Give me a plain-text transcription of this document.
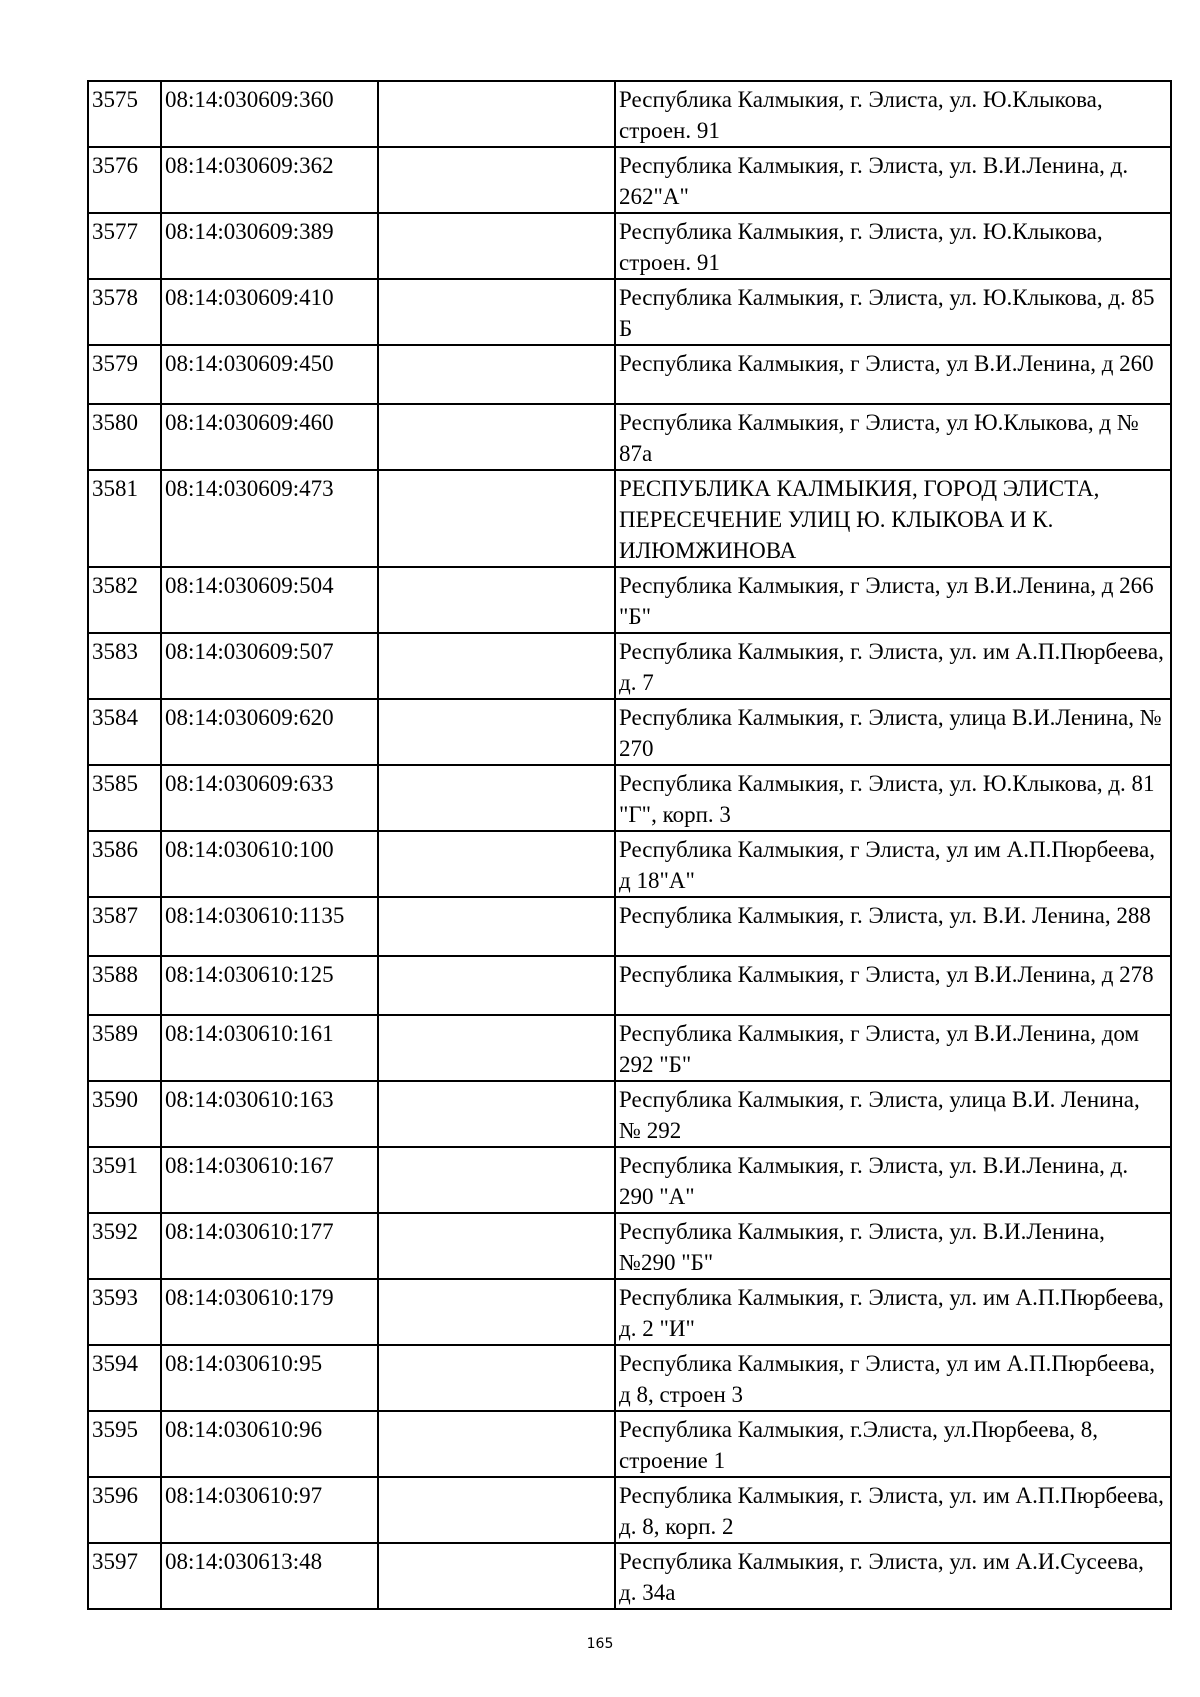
3575	08:14:030609:360		Республика Калмыкия, г. Элиста, ул. Ю.Клыкова, строен. 91
3576	08:14:030609:362		Республика Калмыкия, г. Элиста, ул. В.И.Ленина, д. 262"А"
3577	08:14:030609:389		Республика Калмыкия, г. Элиста, ул. Ю.Клыкова, строен. 91
3578	08:14:030609:410		Республика Калмыкия, г. Элиста, ул. Ю.Клыкова, д. 85 Б
3579	08:14:030609:450		Республика Калмыкия, г Элиста, ул В.И.Ленина, д 260
3580	08:14:030609:460		Республика Калмыкия, г Элиста, ул Ю.Клыкова, д № 87а
3581	08:14:030609:473		РЕСПУБЛИКА КАЛМЫКИЯ, ГОРОД ЭЛИСТА, ПЕРЕСЕЧЕНИЕ УЛИЦ Ю. КЛЫКОВА И К. ИЛЮМЖИНОВА
3582	08:14:030609:504		Республика Калмыкия, г Элиста, ул В.И.Ленина, д 266 "Б"
3583	08:14:030609:507		Республика Калмыкия, г. Элиста, ул. им А.П.Пюрбеева, д. 7
3584	08:14:030609:620		Республика Калмыкия, г. Элиста, улица В.И.Ленина, № 270
3585	08:14:030609:633		Республика Калмыкия, г. Элиста, ул. Ю.Клыкова, д. 81 "Г", корп. 3
3586	08:14:030610:100		Республика Калмыкия, г Элиста, ул им А.П.Пюрбеева, д 18"А"
3587	08:14:030610:1135		Республика Калмыкия, г. Элиста, ул. В.И. Ленина, 288
3588	08:14:030610:125		Республика Калмыкия, г Элиста, ул В.И.Ленина, д 278
3589	08:14:030610:161		Республика Калмыкия, г Элиста, ул В.И.Ленина, дом 292 "Б"
3590	08:14:030610:163		Республика Калмыкия, г. Элиста, улица В.И. Ленина, № 292
3591	08:14:030610:167		Республика Калмыкия, г. Элиста, ул. В.И.Ленина, д. 290 "А"
3592	08:14:030610:177		Республика Калмыкия, г. Элиста, ул. В.И.Ленина, №290 "Б"
3593	08:14:030610:179		Республика Калмыкия, г. Элиста, ул. им А.П.Пюрбеева, д. 2 "И"
3594	08:14:030610:95		Республика Калмыкия, г Элиста, ул им А.П.Пюрбеева, д 8, строен 3
3595	08:14:030610:96		Республика Калмыкия, г.Элиста, ул.Пюрбеева, 8, строение 1
3596	08:14:030610:97		Республика Калмыкия, г. Элиста, ул. им А.П.Пюрбеева, д. 8, корп. 2
3597	08:14:030613:48		Республика Калмыкия, г. Элиста, ул. им А.И.Сусеева, д. 34а
165
